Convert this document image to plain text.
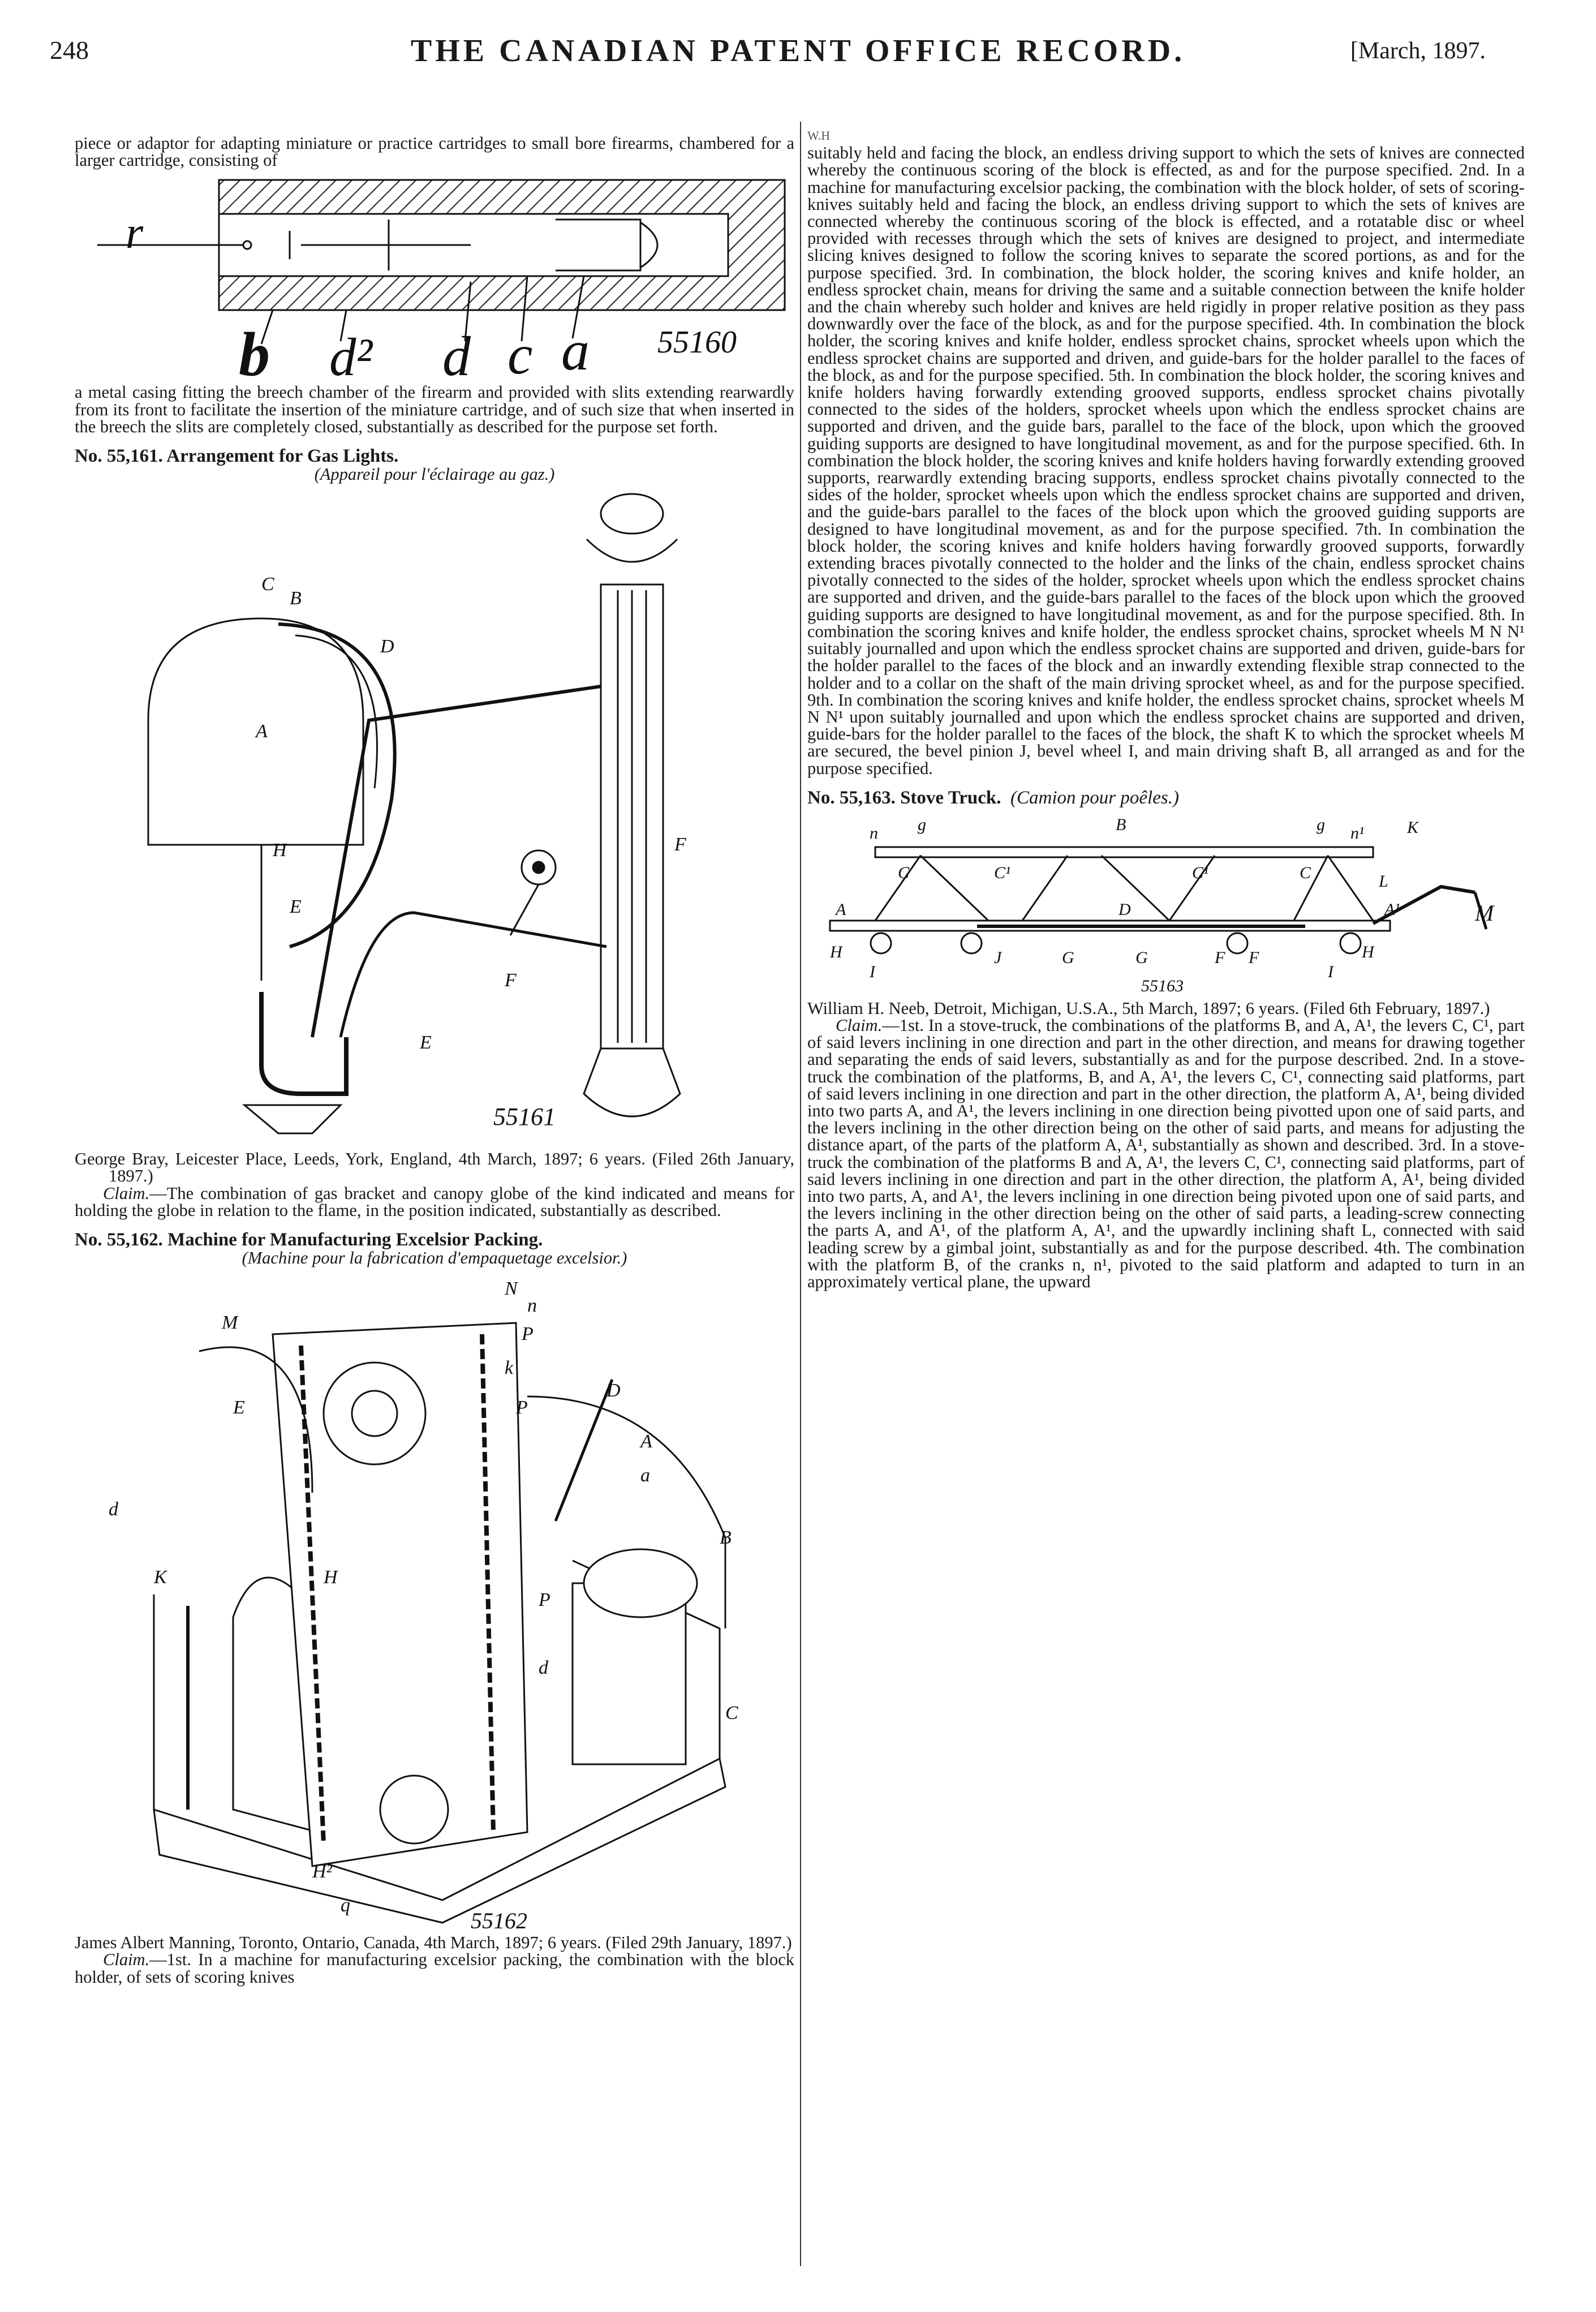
248	THE CANADIAN PATENT OFFICE RECORD.	[March, 1897.

piece or adaptor for adapting miniature or practice cartridges to small bore firearms, chambered for a larger cartridge, consisting of

r
b d² d c a 55160

a metal casing fitting the breech chamber of the firearm and provided with slits extending rearwardly from its front to facilitate the insertion of the miniature cartridge, and of such size that when inserted in the breech the slits are completely closed, substantially as described for the purpose set forth.

No. 55,161. Arrangement for Gas Lights.

(Appareil pour l'éclairage au gaz.)

C
B
D
A
H
E
F
F
E
55161

George Bray, Leicester Place, Leeds, York, England, 4th March, 1897; 6 years. (Filed 26th January, 1897.)

Claim.—The combination of gas bracket and canopy globe of the kind indicated and means for holding the globe in relation to the flame, in the position indicated, substantially as described.

No. 55,162. Machine for Manufacturing Excelsior Packing.

(Machine pour la fabrication d'empaquetage excelsior.)

N
n
M
P
k
P
A
D
E
a
d
K	H
P
B
d
C
H²
q
55162

James Albert Manning, Toronto, Ontario, Canada, 4th March, 1897; 6 years. (Filed 29th January, 1897.)

Claim.—1st. In a machine for manufacturing excelsior packing, the combination with the block holder, of sets of scoring knives

W.H

suitably held and facing the block, an endless driving support to which the sets of knives are connected whereby the continuous scoring of the block is effected, as and for the purpose specified. 2nd. In a machine for manufacturing excelsior packing, the combination with the block holder, of sets of scoring-knives suitably held and facing the block, an endless driving support to which the sets of knives are connected whereby the continuous scoring of the block is effected, and a rotatable disc or wheel provided with recesses through which the sets of knives are designed to project, and intermediate slicing knives designed to follow the scoring knives to separate the scored portions, as and for the purpose specified. 3rd. In combination, the block holder, the scoring knives and knife holder, an endless sprocket chain, means for driving the same and a suitable connection between the knife holder and the chain whereby such holder and knives are held rigidly in proper relative position as they pass downwardly over the face of the block, as and for the purpose specified. 4th. In combination the block holder, the scoring knives and knife holder, endless sprocket chains, sprocket wheels upon which the endless sprocket chains are supported and driven, and guide-bars for the holder parallel to the faces of the block, as and for the purpose specified. 5th. In combination the block holder, the scoring knives and knife holders having forwardly extending grooved supports, endless sprocket chains pivotally connected to the sides of the holders, sprocket wheels upon which the endless sprocket chains are supported and driven, and the guide bars, parallel to the face of the block, upon which the grooved guiding supports are designed to have longitudinal movement, as and for the purpose specified. 6th. In combination the block holder, the scoring knives and knife holders having forwardly extending grooved supports, rearwardly extending bracing supports, endless sprocket chains pivotally connected to the sides of the holder, sprocket wheels upon which the endless sprocket chains are supported and driven, and the guide-bars parallel to the faces of the block upon which the grooved guiding supports are designed to have longitudinal movement, as and for the purpose specified. 7th. In combination the block holder, the scoring knives and knife holders having forwardly grooved supports, forwardly extending braces pivotally connected to the holder and the links of the chain, endless sprocket chains pivotally connected to the sides of the holder, sprocket wheels upon which the endless sprocket chains are supported and driven, and the guide-bars parallel to the faces of the block upon which the grooved guiding supports are designed to have longitudinal movement, as and for the purpose specified. 8th. In combination the scoring knives and knife holder, the endless sprocket chains, sprocket wheels M N N¹ suitably journalled and upon which the endless sprocket chains are supported and driven, guide-bars for the holder parallel to the faces of the block and an inwardly extending flexible strap connected to the holder and to a collar on the shaft of the main driving sprocket wheel, as and for the purpose specified. 9th. In combination the scoring knives and knife holder, the endless sprocket chains, sprocket wheels M N N¹ upon suitably journalled and upon which the endless sprocket chains are supported and driven, guide-bars for the holder parallel to the faces of the block, the shaft K to which the sprocket wheels M are secured, the bevel pinion J, bevel wheel I, and main driving shaft B, all arranged as and for the purpose specified.

No. 55,163. Stove Truck. (Camion pour poêles.)

n g	B	g n¹	K
C	C¹	C¹	C	L
A	D	A¹	M
H
I
J	G	G	F F	H
I
55163

William H. Neeb, Detroit, Michigan, U.S.A., 5th March, 1897; 6 years. (Filed 6th February, 1897.)

Claim.—1st. In a stove-truck, the combinations of the platforms B, and A, A¹, the levers C, C¹, part of said levers inclining in one direction and part in the other direction, and means for drawing together and separating the ends of said levers, substantially as and for the purpose described. 2nd. In a stove-truck the combination of the platforms, B, and A, A¹, the levers C, C¹, connecting said platforms, part of said levers inclining in one direction and part in the other direction, the platform A, A¹, being divided into two parts A, and A¹, the levers inclining in one direction being pivotted upon one of said parts, and the levers inclining in the other direction being on the other of said parts, and means for adjusting the distance apart, of the parts of the platform A, A¹, substantially as shown and described. 3rd. In a stove-truck the combination of the platforms B and A, A¹, the levers C, C¹, connecting said platforms, part of said levers inclining in one direction and part in the other direction, the platform A, A¹, being divided into two parts, A, and A¹, the levers inclining in one direction being pivoted upon one of said parts, and the levers inclining in the other direction being on the other of said parts, a leading-screw connecting the parts A, and A¹, of the platform A, A¹, and the upwardly inclining shaft L, connected with said leading screw by a gimbal joint, substantially as and for the purpose described. 4th. The combination with the platform B, of the cranks n, n¹, pivoted to the said platform and adapted to turn in an approximately vertical plane, the upward
